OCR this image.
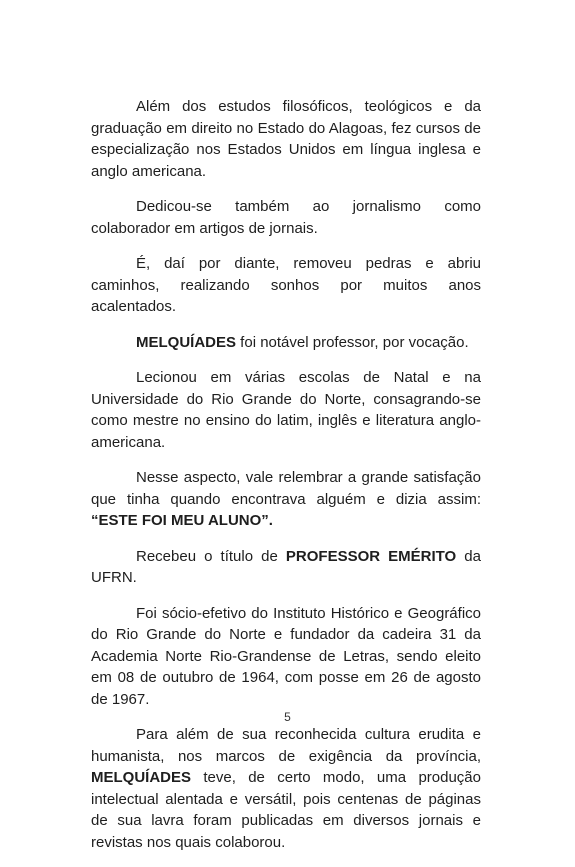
Além dos estudos filosóficos, teológicos e da graduação em direito no Estado do Alagoas, fez cursos de especialização nos Estados Unidos em língua inglesa e anglo americana.

Dedicou-se também ao jornalismo como colaborador em artigos de jornais.

É, daí por diante, removeu pedras e abriu caminhos, realizando sonhos por muitos anos acalentados.

MELQUÍADES foi notável professor, por vocação.

Lecionou em várias escolas de Natal e na Universidade do Rio Grande do Norte, consagrando-se como mestre no ensino do latim, inglês e literatura anglo-americana.

Nesse aspecto, vale relembrar a grande satisfação que tinha quando encontrava alguém e dizia assim: “ESTE FOI MEU ALUNO”.

Recebeu o título de PROFESSOR EMÉRITO da UFRN.

Foi sócio-efetivo do Instituto Histórico e Geográfico do Rio Grande do Norte e fundador da cadeira 31 da Academia Norte Rio-Grandense de Letras, sendo eleito em 08 de outubro de 1964, com posse em 26 de agosto de 1967.

Para além de sua reconhecida cultura erudita e humanista, nos marcos de exigência da província, MELQUÍADES teve, de certo modo, uma produção intelectual alentada e versátil, pois centenas de páginas de sua lavra foram publicadas em diversos jornais e revistas nos quais colaborou.

5
